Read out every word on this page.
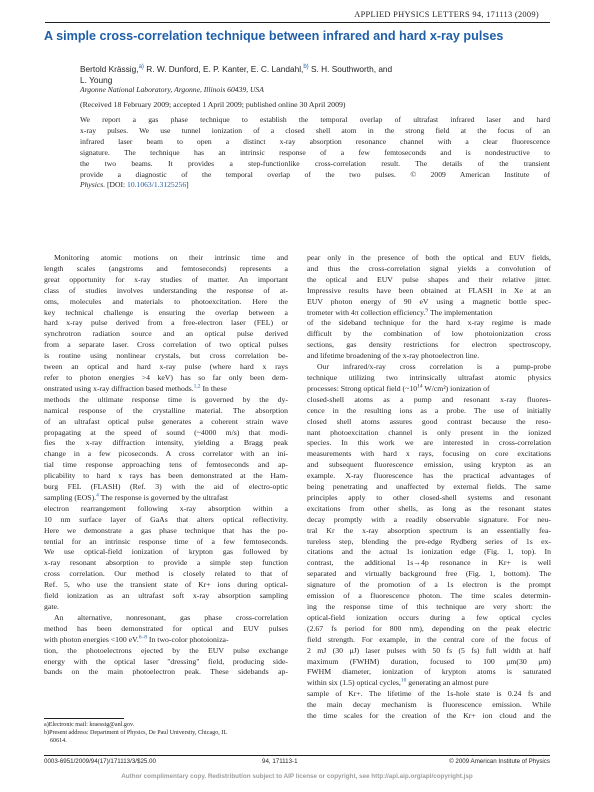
APPLIED PHYSICS LETTERS 94, 171113 (2009)
A simple cross-correlation technique between infrared and hard x-ray pulses
Bertold Krässig,$^{a)}$ R. W. Dunford, E. P. Kanter, E. C. Landahl,$^{b)}$ S. H. Southworth, and
L. Young
Argonne National Laboratory, Argonne, Illinois 60439, USA
(Received 18 February 2009; accepted 1 April 2009; published online 30 April 2009)
We report a gas phase technique to establish the temporal overlap of ultrafast infrared laser and hard
x-ray pulses. We use tunnel ionization of a closed shell atom in the strong field at the focus of an
infrared laser beam to open a distinct x-ray absorption resonance channel with a clear fluorescence
signature. The technique has an intrinsic response of a few femtoseconds and is nondestructive to
the two beams. It provides a step-functionlike cross-correlation result. The details of the transient
provide a diagnostic of the temporal overlap of the two pulses. © 2009 American Institute of
Physics. [DOI: 10.1063/1.3125256]
Monitoring atomic motions on their intrinsic time and
length scales (angstroms and femtoseconds) represents a
great opportunity for x-ray studies of matter. An important
class of studies involves understanding the response of at-
oms, molecules and materials to photoexcitation. Here the
key technical challenge is ensuring the overlap between a
hard x-ray pulse derived from a free-electron laser (FEL) or
synchrotron radiation source and an optical pulse derived
from a separate laser. Cross correlation of two optical pulses
is routine using nonlinear crystals, but cross correlation be-
tween an optical and hard x-ray pulse (where hard x rays
refer to photon energies >4 keV) has so far only been dem-
onstrated using x-ray diffraction based methods.$^{1,2}$ In these
methods the ultimate response time is governed by the dy-
namical response of the crystalline material. The absorption
of an ultrafast optical pulse generates a coherent strain wave
propagating at the speed of sound (~4000 m/s) that modi-
fies the x-ray diffraction intensity, yielding a Bragg peak
change in a few picoseconds. A cross correlator with an ini-
tial time response approaching tens of femtoseconds and ap-
plicability to hard x rays has been demonstrated at the Ham-
burg FEL (FLASH) (Ref. 3) with the aid of electro-optic
sampling (EOS).$^4$ The response is governed by the ultrafast
electron rearrangement following x-ray absorption within a
10 nm surface layer of GaAs that alters optical reflectivity.
Here we demonstrate a gas phase technique that has the po-
tential for an intrinsic response time of a few femtoseconds.
We use optical-field ionization of krypton gas followed by
x-ray resonant absorption to provide a simple step function
cross correlation. Our method is closely related to that of
Ref. 5, who use the transient state of Kr+ ions during optical-
field ionization as an ultrafast soft x-ray absorption sampling
gate.
An alternative, nonresonant, gas phase cross-correlation
method has been demonstrated for optical and EUV pulses
with photon energies <100 eV.$^{6-8}$ In two-color photoioniza-
tion, the photoelectrons ejected by the EUV pulse exchange
energy with the optical laser "dressing" field, producing side-
bands on the main photoelectron peak. These sidebands ap-
pear only in the presence of both the optical and EUV fields,
and thus the cross-correlation signal yields a convolution of
the optical and EUV pulse shapes and their relative jitter.
Impressive results have been obtained at FLASH in Xe at an
EUV photon energy of 90 eV using a magnetic bottle spec-
trometer with 4π collection efficiency.$^9$ The implementation
of the sideband technique for the hard x-ray regime is made
difficult by the combination of low photoionization cross
sections, gas density restrictions for electron spectroscopy,
and lifetime broadening of the x-ray photoelectron line.
Our infrared/x-ray cross correlation is a pump-probe
technique utilizing two intrinsically ultrafast atomic physics
processes: Strong optical field ($\sim 10^{14}$ W/cm²) ionization of
closed-shell atoms as a pump and resonant x-ray fluores-
cence in the resulting ions as a probe. The use of initially
closed shell atoms assures good contrast because the reso-
nant photoexcitation channel is only present in the ionized
species. In this work we are interested in cross-correlation
measurements with hard x rays, focusing on core excitations
and subsequent fluorescence emission, using krypton as an
example. X-ray fluorescence has the practical advantages of
being penetrating and unaffected by external fields. The same
principles apply to other closed-shell systems and resonant
excitations from other shells, as long as the resonant states
decay promptly with a readily observable signature. For neu-
tral Kr the x-ray absorption spectrum is an essentially fea-
tureless step, blending the pre-edge Rydberg series of 1s ex-
citations and the actual 1s ionization edge (Fig. 1, top). In
contrast, the additional 1s→4p resonance in Kr+ is well
separated and virtually background free (Fig. 1, bottom). The
signature of the promotion of a 1s electron is the prompt
emission of a fluorescence photon. The time scales determin-
ing the response time of this technique are very short: the
optical-field ionization occurs during a few optical cycles
(2.67 fs period for 800 nm), depending on the peak electric
field strength. For example, in the central core of the focus of
2 mJ (30 μJ) laser pulses with 50 fs (5 fs) full width at half
maximum (FWHM) duration, focused to 100 μm(30 μm)
FWHM diameter, ionization of krypton atoms is saturated
within six (1.5) optical cycles,$^{10}$ generating an almost pure
sample of Kr+. The lifetime of the 1s-hole state is 0.24 fs and
the main decay mechanism is fluorescence emission. While
the time scales for the creation of the Kr+ ion cloud and the
a)Electronic mail: kraessig@anl.gov.
b)Present address: Department of Physics, De Paul University, Chicago, IL
60614.
0003-6951/2009/94(17)/171113/3/$25.00	94, 171113-1	© 2009 American Institute of Physics
Author complimentary copy. Redistribution subject to AIP license or copyright, see http://apl.aip.org/apl/copyright.jsp
